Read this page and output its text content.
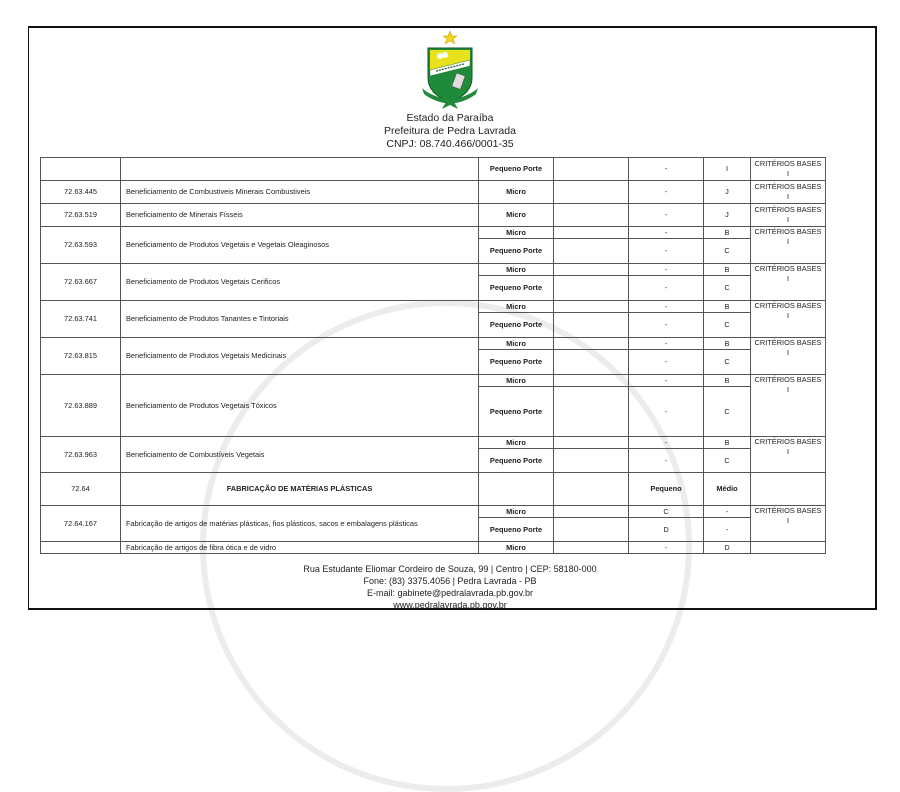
Estado da Paraíba
Prefeitura de Pedra Lavrada
CNPJ: 08.740.466/0001-35
		Pequeno Porte		-	I	CRITÉRIOS BASES I
72.63.445	Beneficiamento de Combustiveis Minerais Combustiveis	Micro		-	J	CRITÉRIOS BASES I
72.63.519	Beneficiamento de Minerais Físseis	Micro		-	J	CRITÉRIOS BASES I
72.63.593	Beneficiamento de Produtos Vegetais e Vegetais Oleaginosos	Micro		-	B	CRITÉRIOS BASES I
		Pequeno Porte		-	C	
72.63.667	Beneficiamento de Produtos Vegetais Cerificos	Micro		-	B	CRITÉRIOS BASES I
		Pequeno Porte		-	C	
72.63.741	Beneficiamento de Produtos Tanantes e Tintoriais	Micro		-	B	CRITÉRIOS BASES I
		Pequeno Porte		-	C	
72.63.815	Beneficiamento de Produtos Vegetais Medicinais	Micro		-	B	CRITÉRIOS BASES I
		Pequeno Porte		-	C	
72.63.889	Beneficiamento de Produtos Vegetais Tóxicos	Micro		-	B	CRITÉRIOS BASES I
		Pequeno Porte		-	C	
72.63.963	Beneficiamento de Combustíveis Vegetais	Micro		-	B	CRITÉRIOS BASES I
		Pequeno Porte		-	C	
72.64	FABRICAÇÃO DE MATÉRIAS PLÁSTICAS			Pequeno	Médio	
72.64.167	Fabricação de artigos de matérias plásticas, fios plásticos, sacos e embalagens plásticas	Micro		C	-	CRITÉRIOS BASES I
		Pequeno Porte		D	-	
	Fabricação de artigos de fibra ótica e de vidro	Micro		-	D	
Rua Estudante Eliomar Cordeiro de Souza, 99 | Centro | CEP: 58180-000
Fone: (83) 3375.4056 | Pedra Lavrada - PB
E-mail: gabinete@pedralavrada.pb.gov.br
www.pedralavrada.pb.gov.br
